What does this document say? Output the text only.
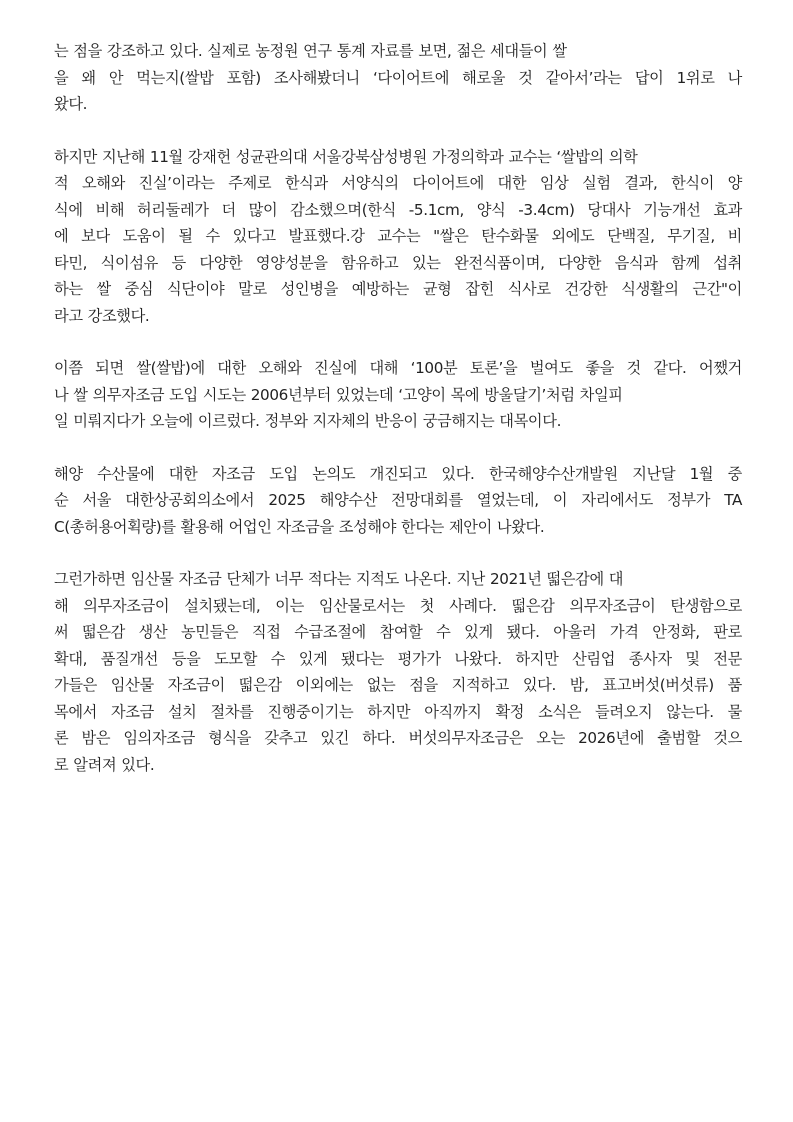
는 점을 강조하고 있다. 실제로 농정원 연구 통계 자료를 보면, 젊은 세대들이 쌀
을 왜 안 먹는지(쌀밥 포함) 조사해봤더니 ‘다이어트에 해로울 것 같아서’라는 답이 1위로 나
왔다.

하지만 지난해 11월 강재헌 성균관의대 서울강북삼성병원 가정의학과 교수는 ‘쌀밥의 의학
적 오해와 진실’이라는 주제로 한식과 서양식의 다이어트에 대한 임상 실험 결과, 한식이 양
식에 비해 허리둘레가 더 많이 감소했으며(한식 -5.1cm, 양식 -3.4cm) 당대사 기능개선 효과
에 보다 도움이 될 수 있다고 발표했다.강 교수는 "쌀은 탄수화물 외에도 단백질, 무기질, 비
타민, 식이섬유 등 다양한 영양성분을 함유하고 있는 완전식품이며, 다양한 음식과 함께 섭취
하는 쌀 중심 식단이야 말로 성인병을 예방하는 균형 잡힌 식사로 건강한 식생활의 근간"이
라고 강조했다.

이쯤 되면 쌀(쌀밥)에 대한 오해와 진실에 대해 ‘100분 토론’을 벌여도 좋을 것 같다. 어쨌거
나 쌀 의무자조금 도입 시도는 2006년부터 있었는데 ‘고양이 목에 방울달기’처럼 차일피
일 미뤄지다가 오늘에 이르렀다. 정부와 지자체의 반응이 궁금해지는 대목이다.

해양 수산물에 대한 자조금 도입 논의도 개진되고 있다. 한국해양수산개발원 지난달 1월 중
순 서울 대한상공회의소에서 2025 해양수산 전망대회를 열었는데, 이 자리에서도 정부가 TA
C(총허용어획량)를 활용해 어업인 자조금을 조성해야 한다는 제안이 나왔다.

그런가하면 임산물 자조금 단체가 너무 적다는 지적도 나온다. 지난 2021년 떫은감에 대
해 의무자조금이 설치됐는데, 이는 임산물로서는 첫 사례다. 떫은감 의무자조금이 탄생함으로
써 떫은감 생산 농민들은 직접 수급조절에 참여할 수 있게 됐다. 아울러 가격 안정화, 판로
확대, 품질개선 등을 도모할 수 있게 됐다는 평가가 나왔다. 하지만 산림업 종사자 및 전문
가들은 임산물 자조금이 떫은감 이외에는 없는 점을 지적하고 있다. 밤, 표고버섯(버섯류) 품
목에서 자조금 설치 절차를 진행중이기는 하지만 아직까지 확정 소식은 들려오지 않는다. 물
론 밤은 임의자조금 형식을 갖추고 있긴 하다. 버섯의무자조금은 오는 2026년에 출범할 것으
로 알려져 있다.
